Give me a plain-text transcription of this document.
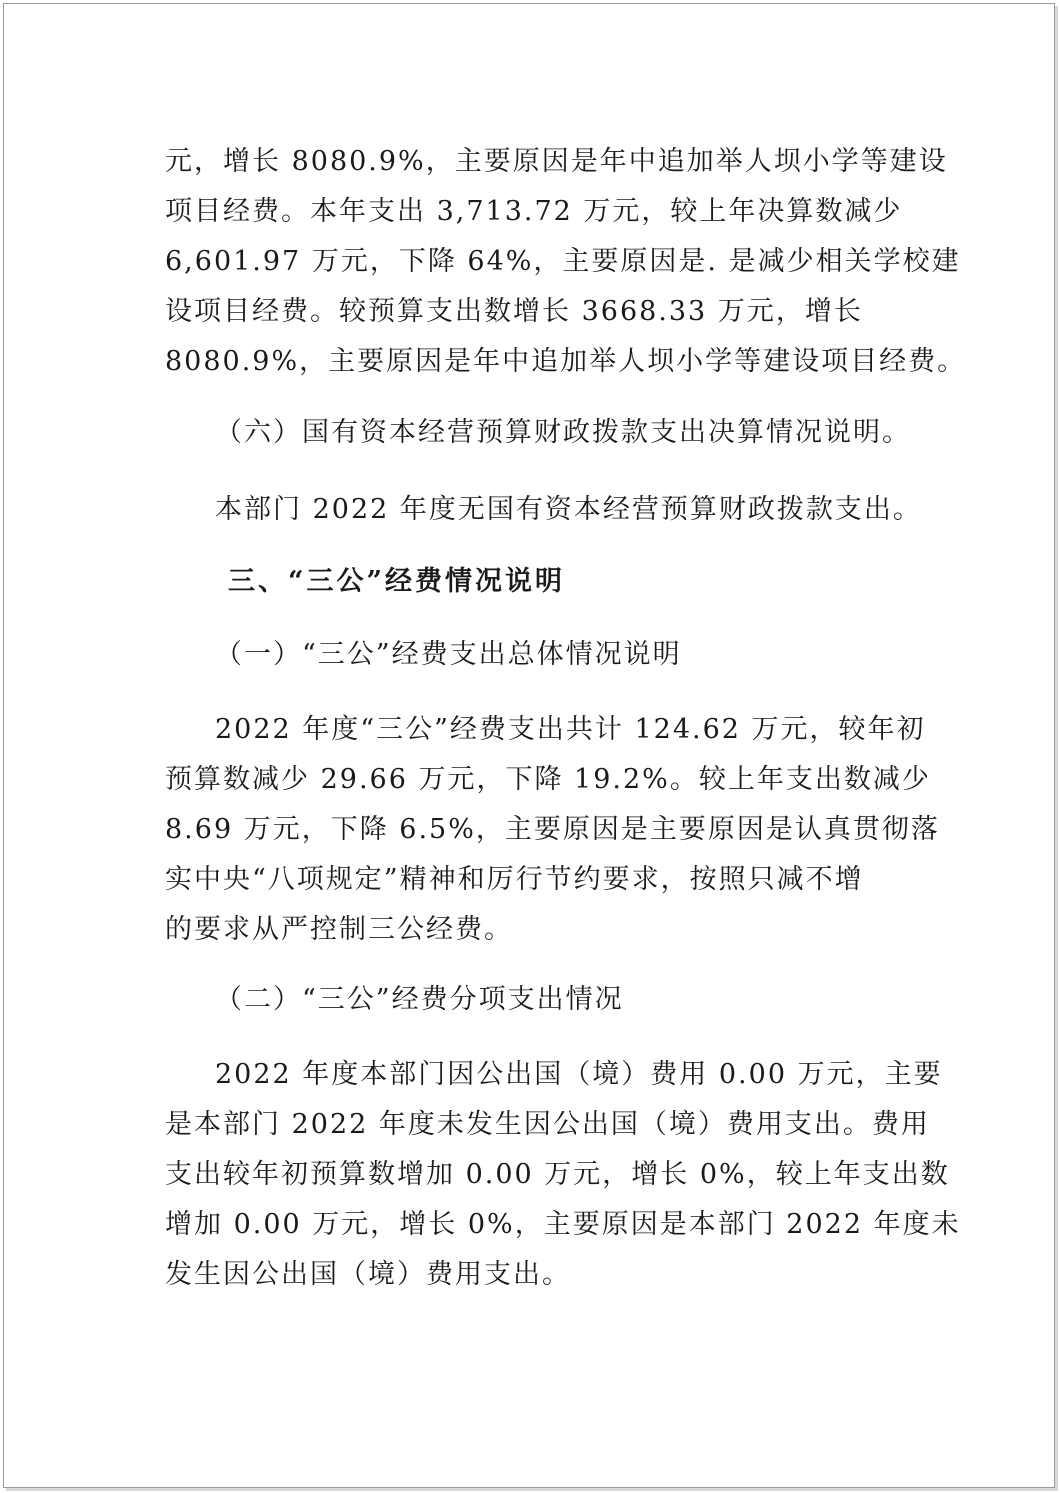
元，增长 8080.9%，主要原因是年中追加举人坝小学等建设
项目经费。本年支出 3,713.72 万元，较上年决算数减少
6,601.97 万元，下降 64%，主要原因是. 是减少相关学校建
设项目经费。较预算支出数增长 3668.33 万元，增长
8080.9%，主要原因是年中追加举人坝小学等建设项目经费。
（六）国有资本经营预算财政拨款支出决算情况说明。
本部门 2022 年度无国有资本经营预算财政拨款支出。
三、“三公”经费情况说明
（一）“三公”经费支出总体情况说明
2022 年度“三公”经费支出共计 124.62 万元，较年初
预算数减少 29.66 万元，下降 19.2%。较上年支出数减少
8.69 万元，下降 6.5%，主要原因是主要原因是认真贯彻落
实中央“八项规定”精神和厉行节约要求，按照只减不增
的要求从严控制三公经费。
（二）“三公”经费分项支出情况
2022 年度本部门因公出国（境）费用 0.00 万元，主要
是本部门 2022 年度未发生因公出国（境）费用支出。费用
支出较年初预算数增加 0.00 万元，增长 0%，较上年支出数
增加 0.00 万元，增长 0%，主要原因是本部门 2022 年度未
发生因公出国（境）费用支出。
